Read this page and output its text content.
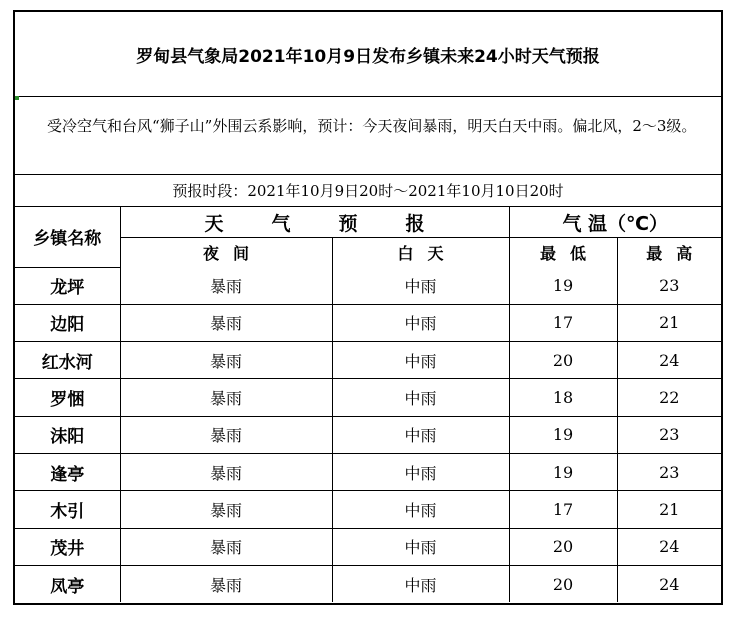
罗甸县气象局2021年10月9日发布乡镇未来24小时天气预报
受冷空气和台风“狮子山”外围云系影响，预计：今天夜间暴雨，明天白天中雨。偏北风，2～3级。
预报时段：2021年10月9日20时～2021年10月10日20时
乡镇名称	天 气 预 报		气 温（℃）	
	夜间	白天	最低	最高
龙坪	暴雨	中雨	19	23
边阳	暴雨	中雨	17	21
红水河	暴雨	中雨	20	24
罗悃	暴雨	中雨	18	22
沫阳	暴雨	中雨	19	23
逢亭	暴雨	中雨	19	23
木引	暴雨	中雨	17	21
茂井	暴雨	中雨	20	24
凤亭	暴雨	中雨	20	24
